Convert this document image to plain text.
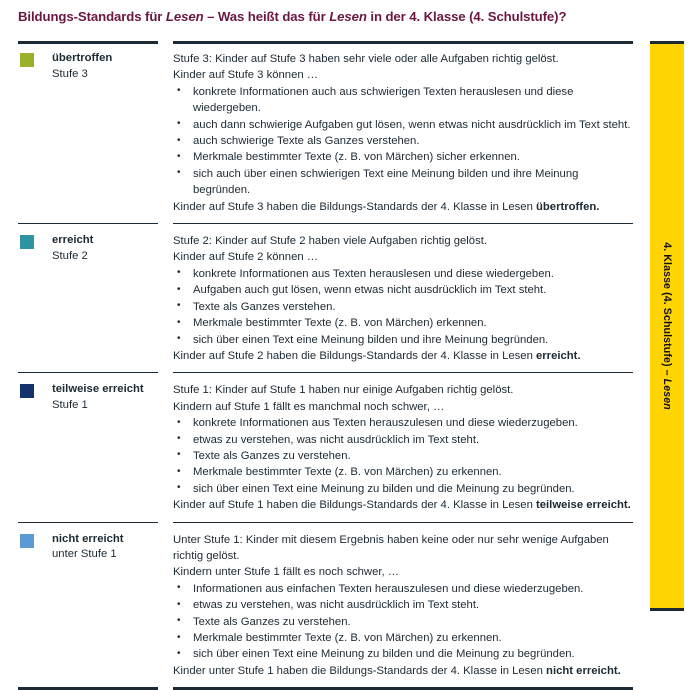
Bildungs-Standards für Lesen – Was heißt das für Lesen in der 4. Klasse (4. Schulstufe)?
übertroffen
Stufe 3

Stufe 3: Kinder auf Stufe 3 haben sehr viele oder alle Aufgaben richtig gelöst.

Kinder auf Stufe 3 können …

• konkrete Informationen auch aus schwierigen Texten herauslesen und diese wiedergeben.
• auch dann schwierige Aufgaben gut lösen, wenn etwas nicht ausdrücklich im Text steht.
• auch schwierige Texte als Ganzes verstehen.
• Merkmale bestimmter Texte (z. B. von Märchen) sicher erkennen.
• sich auch über einen schwierigen Text eine Meinung bilden und ihre Meinung begründen.

Kinder auf Stufe 3 haben die Bildungs-Standards der 4. Klasse in Lesen übertroffen.

erreicht
Stufe 2

Stufe 2: Kinder auf Stufe 2 haben viele Aufgaben richtig gelöst.

Kinder auf Stufe 2 können …

• konkrete Informationen aus Texten herauslesen und diese wiedergeben.
• Aufgaben auch gut lösen, wenn etwas nicht ausdrücklich im Text steht.
• Texte als Ganzes verstehen.
• Merkmale bestimmter Texte (z. B. von Märchen) erkennen.
• sich über einen Text eine Meinung bilden und ihre Meinung begründen.

Kinder auf Stufe 2 haben die Bildungs-Standards der 4. Klasse in Lesen erreicht.

teilweise erreicht
Stufe 1

Stufe 1: Kinder auf Stufe 1 haben nur einige Aufgaben richtig gelöst.

Kindern auf Stufe 1 fällt es manchmal noch schwer, …

• konkrete Informationen aus Texten herauszulesen und diese wiederzugeben.
• etwas zu verstehen, was nicht ausdrücklich im Text steht.
• Texte als Ganzes zu verstehen.
• Merkmale bestimmter Texte (z. B. von Märchen) zu erkennen.
• sich über einen Text eine Meinung zu bilden und die Meinung zu begründen.

Kinder auf Stufe 1 haben die Bildungs-Standards der 4. Klasse in Lesen teilweise erreicht.

nicht erreicht
unter Stufe 1

Unter Stufe 1: Kinder mit diesem Ergebnis haben keine oder nur sehr wenige Aufgaben richtig gelöst.

Kindern unter Stufe 1 fällt es noch schwer, …

• Informationen aus einfachen Texten herauszulesen und diese wiederzugeben.
• etwas zu verstehen, was nicht ausdrücklich im Text steht.
• Texte als Ganzes zu verstehen.
• Merkmale bestimmter Texte (z. B. von Märchen) zu erkennen.
• sich über einen Text eine Meinung zu bilden und die Meinung zu begründen.

Kinder unter Stufe 1 haben die Bildungs-Standards der 4. Klasse in Lesen nicht erreicht.

4. Klasse (4. Schulstufe) – Lesen
